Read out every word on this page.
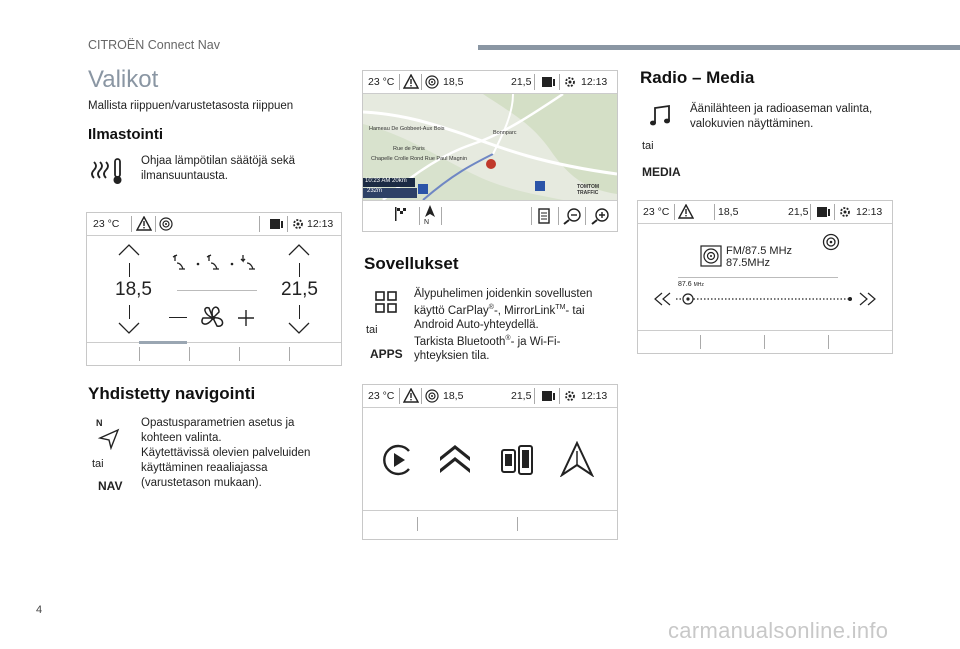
CITROËN Connect Nav
Valikot
Mallista riippuen/varustetasosta riippuen
Ilmastointi
Ohjaa lämpötilan säätöjä sekä
ilmansuuntausta.
23 °C	12:13
18,5	21,5
Yhdistetty navigointi
N
tai
NAV
Opastusparametrien asetus ja
kohteen valinta.
Käytettävissä olevien palveluiden
käyttäminen reaaliajassa
(varustetason mukaan).
23 °C	18,5	21,5	12:13
Hameau De Gobbeet-Aux Bois
Bonnparc
Rue de Paris
Chapelle Crolle Rond Rue Paul Magnin
10:23 AM 20km
232m
TOMTOM TRAFFIC
N
Sovellukset
tai
APPS
Älypuhelimen joidenkin sovellusten
käyttö CarPlay®-, MirrorLink™- tai
Android Auto-yhteydellä.
Tarkista Bluetooth®- ja Wi-Fi-
yhteyksien tila.
23 °C	18,5	21,5	12:13
Radio – Media
tai
MEDIA
Äänilähteen ja radioaseman valinta,
valokuvien näyttäminen.
23 °C	18,5	21,5	12:13
FM/87.5 MHz
87.5MHz
87.6 MHz
4
carmanualsonline.info
